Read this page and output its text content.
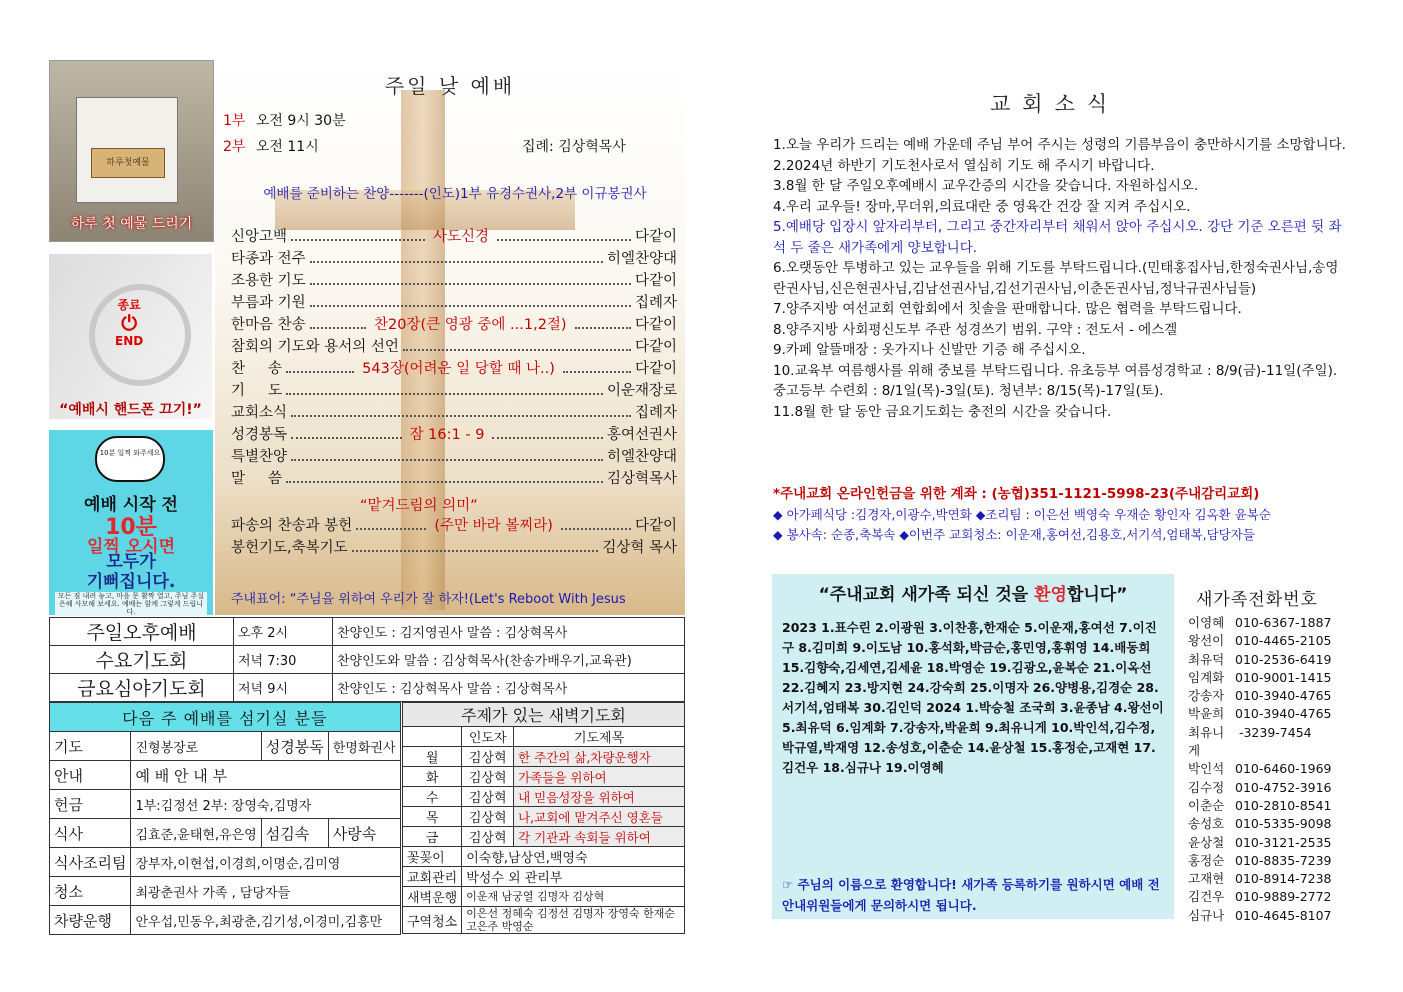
하루첫예물
하루 첫 예물 드리기
종료
⏻
END
“예배시 핸드폰 끄기!”
10분 일찍 와주세요
예배 시작 전
10분
일찍 오시면
모두가
기뻐집니다.
모든 짐 내려 놓고, 마음 문 활짝 열고, 주님 주실 은혜 사모해 보세요. 예배는 함께 그렇게 드립니다.
주일 낮 예배
1부 오전 9시 30분
2부 오전 11시	집례: 김상혁목사
예배를 준비하는 찬양-------(인도)1부 유경수권사,2부 이규봉권사
신앙고백	사도신경	다같이
타종과 전주	히엘찬양대
조용한 기도	다같이
부름과 기원	집례자
한마음 찬송	찬20장(큰 영광 중에 ...1,2절)	다같이
참회의 기도와 용서의 선언	다같이
찬     송	543장(어려운 일 당할 때 나..)	다같이
기     도	이운재장로
교회소식	집례자
성경봉독	잠 16:1 - 9	홍여선권사
특별찬양	히엘찬양대
말     씀	김상혁목사
“맡겨드림의 의미”
파송의 찬송과 봉헌	(주만 바라 볼찌라)	다같이
봉헌기도,축복기도	김상혁 목사
주내표어: “주님을 위하여 우리가 잘 하자!(Let's Reboot With Jesus
주일오후예배	오후 2시	찬양인도 : 김지영권사 말씀 : 김상혁목사
수요기도회	저녁 7:30	찬양인도와 말씀 : 김상혁목사(찬송가배우기,교육관)
금요심야기도회	저녁 9시	찬양인도 : 김상혁목사 말씀 : 김상혁목사
다음 주 예배를 섬기실 분들			
기도	진형봉장로	성경봉독	한명화권사
안내	예 배 안 내 부		
헌금	1부:김정선 2부: 장영숙,김명자		
식사	김효준,윤태현,유은영	섬김속	사랑속
식사조리팀	장부자,이현섭,이경희,이명순,김미영		
청소	최광춘권사 가족 , 담당자들		
차량운행	안우섭,민동우,최광춘,김기성,이경미,김흥만		
주제가 있는 새벽기도회		
	인도자	기도제목
월	김상혁	한 주간의 삶,차량운행자
화	김상혁	가족들을 위하여
수	김상혁	내 믿음성장을 위하여
목	김상혁	나,교회에 맡겨주신 영혼들
금	김상혁	각 기관과 속회들 위하여
꽃꽂이	이숙향,남상연,백영숙	
교회관리	박성수 외 관리부	
새벽운행	이운재 남궁열 김명자 김상혁	
구역청소	이은선 정혜숙 김정선 김명자 장영숙 한재순 고은주 박영순	
교회소식

1.오늘 우리가 드리는 예배 가운데 주님 부어 주시는 성령의 기름부음이 충만하시기를 소망합니다.

2.2024년 하반기 기도천사로서 열심히 기도 해 주시기 바랍니다.

3.8월 한 달 주일오후예배시 교우간증의 시간을 갖습니다. 자원하십시오.

4.우리 교우들! 장마,무더위,의료대란 중 영육간 건강 잘 지켜 주십시오.

5.예배당 입장시 앞자리부터, 그리고 중간자리부터 채워서 앉아 주십시오. 강단 기준 오른편 뒷 좌석 두 줄은 새가족에게 양보합니다.

6.오랫동안 투병하고 있는 교우들을 위해 기도를 부탁드립니다.(민태홍집사님,한정숙권사님,송영란권사님,신은현권사님,김남선권사님,김선기권사님,이춘돈권사님,정낙규권사님들)

7.양주지방 여선교회 연합회에서 칫솔을 판매합니다. 많은 협력을 부탁드립니다.

8.양주지방 사회평신도부 주관 성경쓰기 범위. 구약 : 전도서 - 에스겔

9.카페 알뜰매장 : 옷가지나 신발만 기증 해 주십시오.

10.교육부 여름행사를 위해 중보를 부탁드립니다. 유초등부 여름성경학교 : 8/9(금)-11일(주일). 중고등부 수련회 : 8/1일(목)-3일(토). 청년부: 8/15(목)-17일(토).

11.8월 한 달 동안 금요기도회는 충전의 시간을 갖습니다.

*주내교회 온라인헌금을 위한 계좌 : (농협)351-1121-5998-23(주내감리교회)
◆ 아가페식당 :김경자,이광수,박연화 ◆조리팀 : 이은선 백영숙 우재순 황인자 김옥환 윤복순
◆ 봉사속: 순종,축복속 ◆이번주 교회청소: 이운재,홍여선,김용호,서기석,엄태복,담당자들
“주내교회 새가족 되신 것을 환영합니다”
2023 1.표수린 2.이광원 3.이찬흥,한재순 5.이운재,홍여선 7.이진구 8.김미희 9.이도남 10.홍석화,박금순,홍민영,홍휘영 14.배동희 15.김향숙,김세연,김세윤 18.박영순 19.김광오,윤복순 21.이옥선 22.김혜지 23.방지현 24.강숙희 25.이명자 26.양병용,김경순 28.서기석,엄태복 30.김인덕 2024 1.박승철 조국희 3.윤종남 4.왕선이 5.최유덕 6.임계화 7.강송자,박윤희 9.최유니게 10.박인석,김수정,박규열,박재영 12.송성호,이춘순 14.윤상철 15.홍정순,고재현 17.김건우 18.심규나 19.이영혜
☞ 주님의 이름으로 환영합니다! 새가족 등록하기를 원하시면 예배 전 안내위원들에게 문의하시면 됩니다.
새가족전화번호
이영혜 010-6367-1887
왕선이 010-4465-2105
최유덕 010-2536-6419
임계화 010-9001-1415
강송자 010-3940-4765
박윤희 010-3940-4765
최유니게
-3239-7454
박인석 010-6460-1969
김수정 010-4752-3916
이춘순 010-2810-8541
송성호 010-5335-9098
윤상철 010-3121-2535
홍정순 010-8835-7239
고재현 010-8914-7238
김건우 010-9889-2772
심규나 010-4645-8107
